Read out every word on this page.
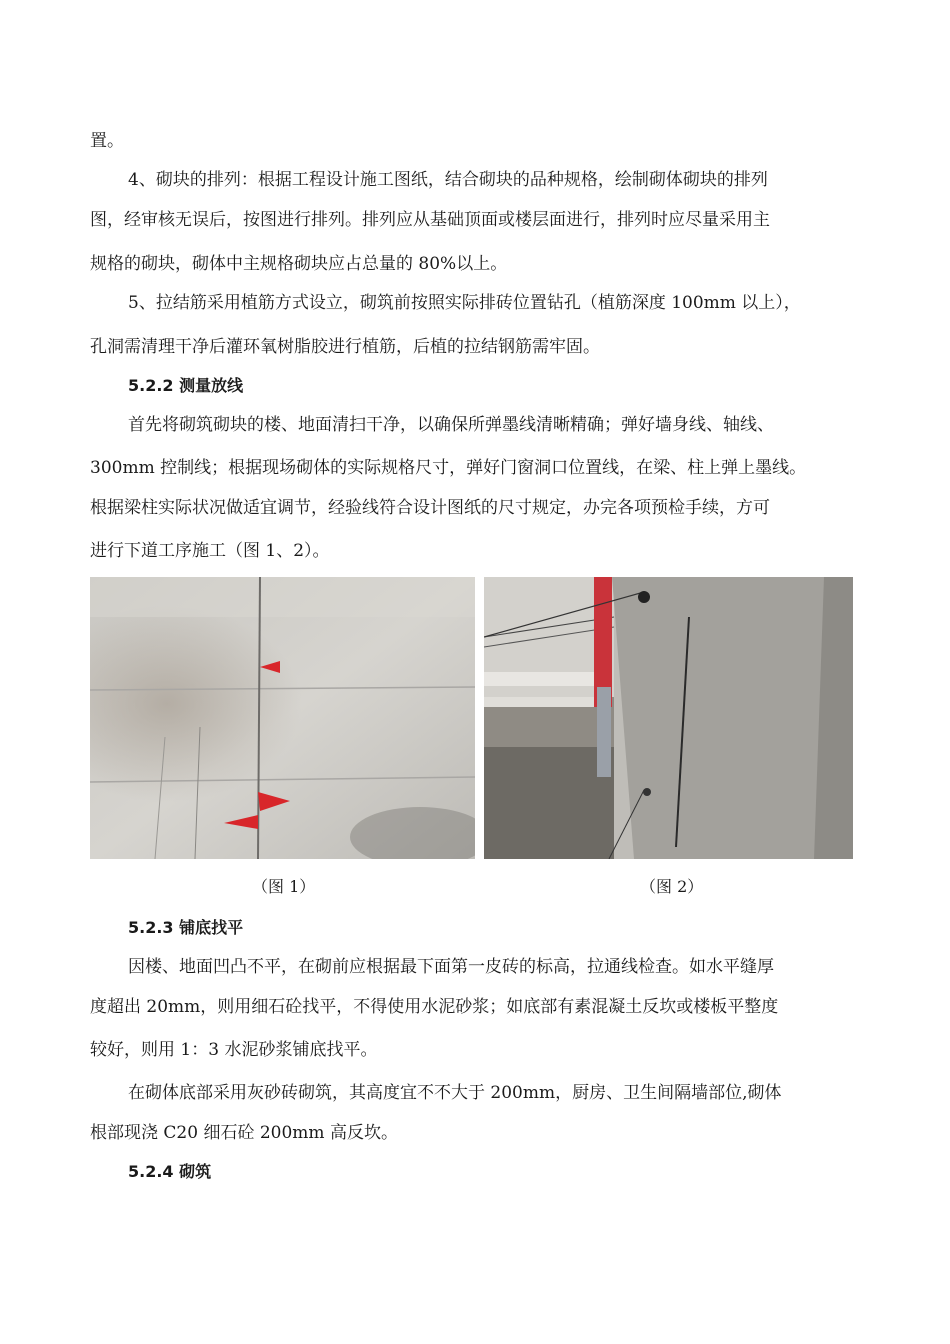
置。
4、砌块的排列：根据工程设计施工图纸，结合砌块的品种规格，绘制砌体砌块的排列
图，经审核无误后，按图进行排列。排列应从基础顶面或楼层面进行，排列时应尽量采用主
规格的砌块，砌体中主规格砌块应占总量的 80%以上。
5、拉结筋采用植筋方式设立，砌筑前按照实际排砖位置钻孔（植筋深度 100mm 以上），
孔洞需清理干净后灌环氧树脂胶进行植筋，后植的拉结钢筋需牢固。
5.2.2 测量放线
首先将砌筑砌块的楼、地面清扫干净，以确保所弹墨线清晰精确；弹好墙身线、轴线、
300mm 控制线；根据现场砌体的实际规格尺寸，弹好门窗洞口位置线，在梁、柱上弹上墨线。
根据梁柱实际状况做适宜调节，经验线符合设计图纸的尺寸规定，办完各项预检手续，方可
进行下道工序施工（图 1、2）。
（图 1）	（图 2）
5.2.3 铺底找平
因楼、地面凹凸不平，在砌前应根据最下面第一皮砖的标高，拉通线检查。如水平缝厚
度超出 20mm，则用细石砼找平，不得使用水泥砂浆；如底部有素混凝土反坎或楼板平整度
较好，则用 1：3 水泥砂浆铺底找平。
在砌体底部采用灰砂砖砌筑，其高度宜不不大于 200mm，厨房、卫生间隔墙部位,砌体
根部现浇 C20 细石砼 200mm 高反坎。
5.2.4 砌筑
